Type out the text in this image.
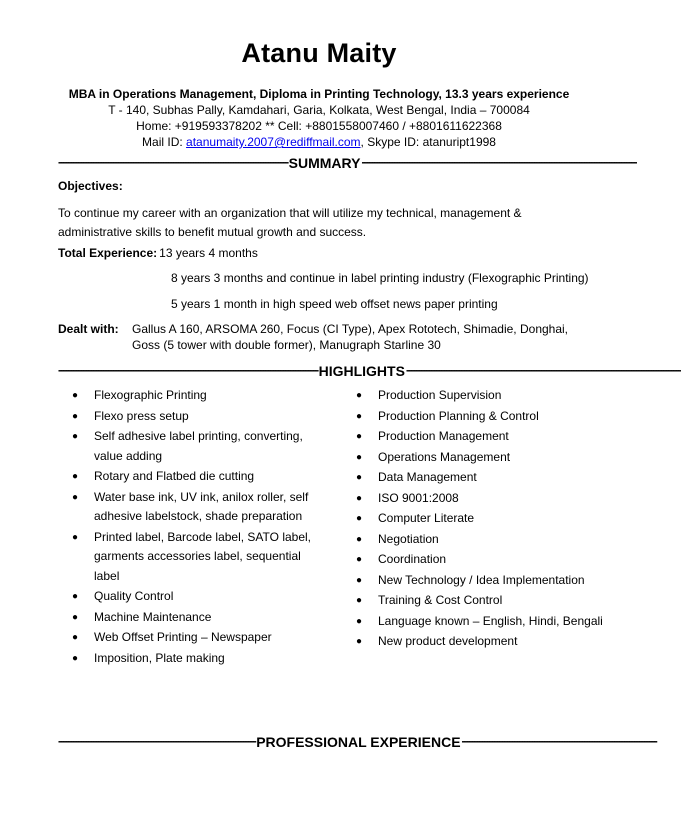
Atanu Maity
MBA in Operations Management, Diploma in Printing Technology, 13.3 years experience
T - 140, Subhas Pally, Kamdahari, Garia, Kolkata, West Bengal, India – 700084
Home: +919593378202 ** Cell: +8801558007460 / +8801611622368
Mail ID: atanumaity.2007@rediffmail.com, Skype ID: atanuript1998
-------------------------------------------------------------------------------------------- SUMMARY --------------------------------------------------------------------------------------------------------------
Objectives:
To continue my career with an organization that will utilize my technical, management & administrative skills to benefit mutual growth and success.
Total Experience: 13 years 4 months
8 years 3 months and continue in label printing industry (Flexographic Printing)
5 years 1 month in high speed web offset news paper printing
Dealt with: Gallus A 160, ARSOMA 260, Focus (CI Type), Apex Rototech, Shimadie, Donghai,
Goss (5 tower with double former), Manugraph Starline 30
-------------------------------------------------------------------------------------------------------- HIGHLIGHTS --------------------------------------------------------------------------------------------------------------
● Flexographic Printing
● Flexo press setup
● Self adhesive label printing, converting, value adding
● Rotary and Flatbed die cutting
● Water base ink, UV ink, anilox roller, self adhesive labelstock, shade preparation
● Printed label, Barcode label, SATO label, garments accessories label, sequential label
● Quality Control
● Machine Maintenance
● Web Offset Printing – Newspaper
● Imposition, Plate making
● Production Supervision
● Production Planning & Control
● Production Management
● Operations Management
● Data Management
● ISO 9001:2008
● Computer Literate
● Negotiation
● Coordination
● New Technology / Idea Implementation
● Training & Cost Control
● Language known – English, Hindi, Bengali
● New product development
------------------------------------------------------------------------------- PROFESSIONAL EXPERIENCE ------------------------------------------------------------------------------
